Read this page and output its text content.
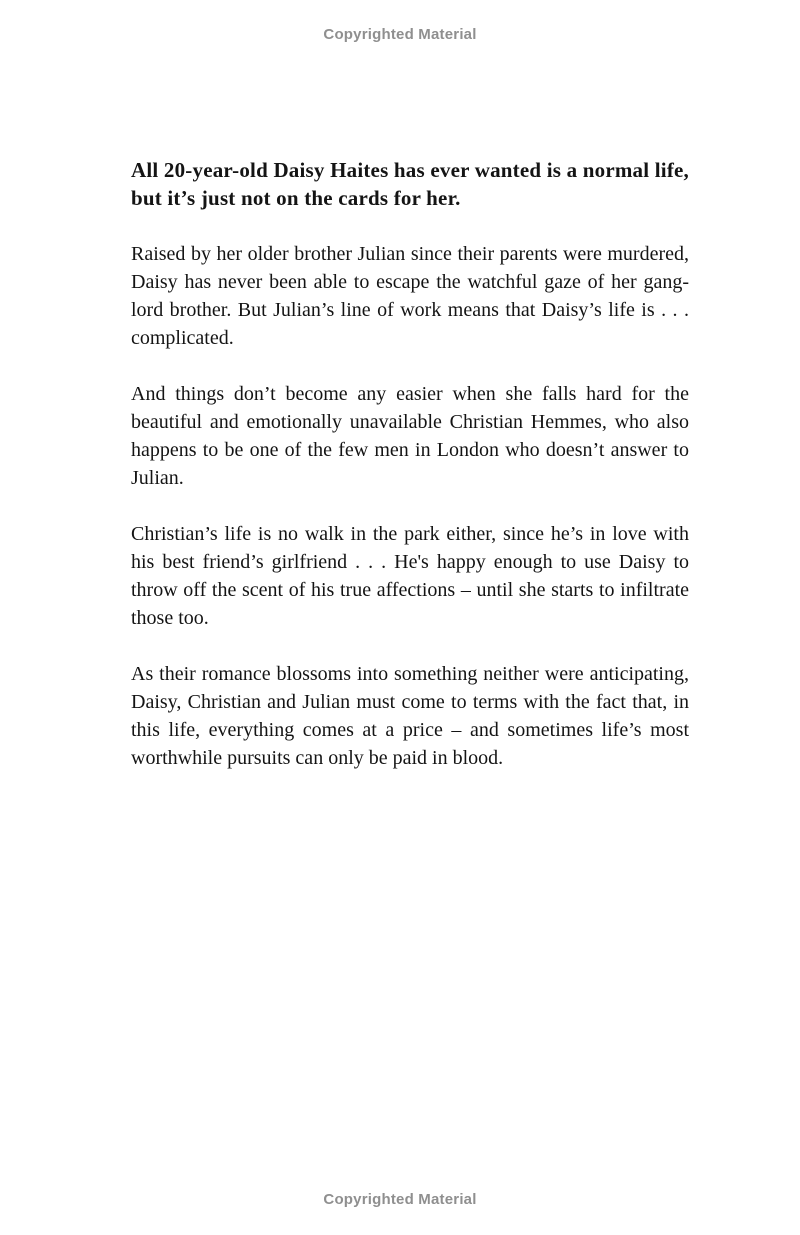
Copyrighted Material

All 20-year-old Daisy Haites has ever wanted is a normal life, but it’s just not on the cards for her.

Raised by her older brother Julian since their parents were murdered, Daisy has never been able to escape the watchful gaze of her gang-lord brother. But Julian’s line of work means that Daisy’s life is . . . complicated.

And things don’t become any easier when she falls hard for the beautiful and emotionally unavailable Christian Hemmes, who also happens to be one of the few men in London who doesn’t answer to Julian.

Christian’s life is no walk in the park either, since he’s in love with his best friend’s girlfriend . . . He's happy enough to use Daisy to throw off the scent of his true affections – until she starts to infiltrate those too.

As their romance blossoms into something neither were anticipating, Daisy, Christian and Julian must come to terms with the fact that, in this life, everything comes at a price – and sometimes life’s most worthwhile pursuits can only be paid in blood.

Copyrighted Material
